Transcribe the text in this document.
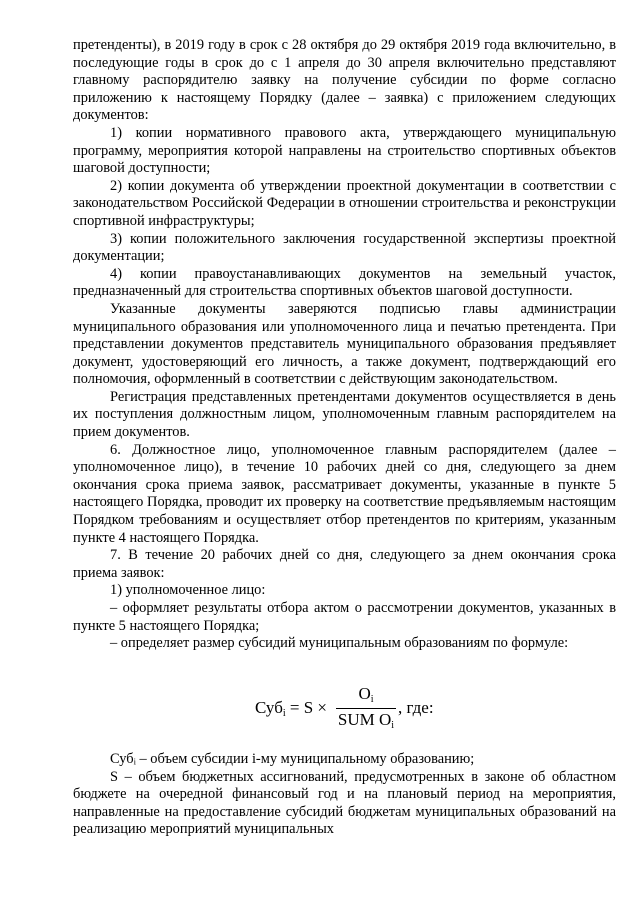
претенденты), в 2019 году в срок с 28 октября до 29 октября 2019 года включительно, в последующие годы в срок до с 1 апреля до 30 апреля включительно представляют главному распорядителю заявку на получение субсидии по форме согласно приложению к настоящему Порядку (далее – заявка) с приложением следующих документов:

1) копии нормативного правового акта, утверждающего муниципальную программу, мероприятия которой направлены на строительство спортивных объектов шаговой доступности;

2) копии документа об утверждении проектной документации в соответствии с законодательством Российской Федерации в отношении строительства и реконструкции спортивной инфраструктуры;

3) копии положительного заключения государственной экспертизы проектной документации;

4) копии правоустанавливающих документов на земельный участок, предназначенный для строительства спортивных объектов шаговой доступности.

Указанные документы заверяются подписью главы администрации муниципального образования или уполномоченного лица и печатью претендента. При представлении документов представитель муниципального образования предъявляет документ, удостоверяющий его личность, а также документ, подтверждающий его полномочия, оформленный в соответствии с действующим законодательством.

Регистрация представленных претендентами документов осуществляется в день их поступления должностным лицом, уполномоченным главным распорядителем на прием документов.

6. Должностное лицо, уполномоченное главным распорядителем (далее – уполномоченное лицо), в течение 10 рабочих дней со дня, следующего за днем окончания срока приема заявок, рассматривает документы, указанные в пункте 5 настоящего Порядка, проводит их проверку на соответствие предъявляемым настоящим Порядком требованиям и осуществляет отбор претендентов по критериям, указанным пункте 4 настоящего Порядка.

7. В течение 20 рабочих дней со дня, следующего за днем окончания срока приема заявок:

1) уполномоченное лицо:

– оформляет результаты отбора актом о рассмотрении документов, указанных в пункте 5 настоящего Порядка;

– определяет размер субсидий муниципальным образованиям по формуле:

Суб$_i$ = S ×
$O_i$
SUM $O_i$
, где:

Субᵢ – объем субсидии i-му муниципальному образованию;

S – объем бюджетных ассигнований, предусмотренных в законе об областном бюджете на очередной финансовый год и на плановый период на мероприятия, направленные на предоставление субсидий бюджетам муниципальных образований на реализацию мероприятий муниципальных
